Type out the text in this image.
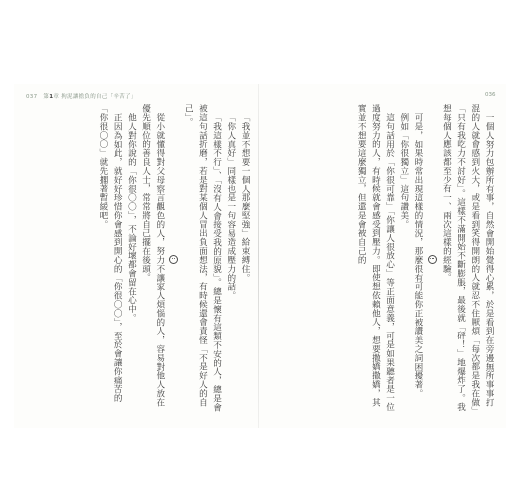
037 第1章 拘泥讓擔負的自己「辛苦了」

「我並不想要一個人那麼堅強」給束縛住。

「你人真好」同樣也是一句容易造成壓力的話。

「我這樣不行」、「沒有人會接受我的原貌」。總是懷有這類不安的人，總是會被這句話折磨，若是對某個人冒出負面想法，有時候還會責怪「不是好人的自己」。

從小就懂得對父母察言觀色的人，努力不讓家人煩惱的人，容易對他人放在優先順位的善良人士，常常將自己擺在後頭。

他人對你說的「你很〇〇」，不論好壞都會留在心中。

正因為如此，就好好珍惜你會感到開心的「你很〇〇」，至於會讓你痛苦的「你很〇〇」就先擱著暫緩吧。

036

一個人努力包辦所有事，自然會開始覺得心累，於是看到在旁邊無所事事打混的人就會感到火大，或是看到笑得開朗的人就忍不住厭煩「每次都是我在做」「只有我吃力不討好」。這樣不滿開始不斷膨脹，最後就「砰！」地爆炸了。我想每個人應該都至少有一、兩次這樣的經驗。

可是，如果時常出現這樣的情況，那麼很有可能你正被讚美之詞困擾著。

例如「你很獨立」這句讚美。

這句話用於「你很可靠」「你讓人很放心」等正面意義，可是如果聽者是一位過度努力的人，有時候就會感受到壓力。即使想依賴他人，想要撒嬌撒嬌，其實並不想要這麼獨立，但還是會被自己的
